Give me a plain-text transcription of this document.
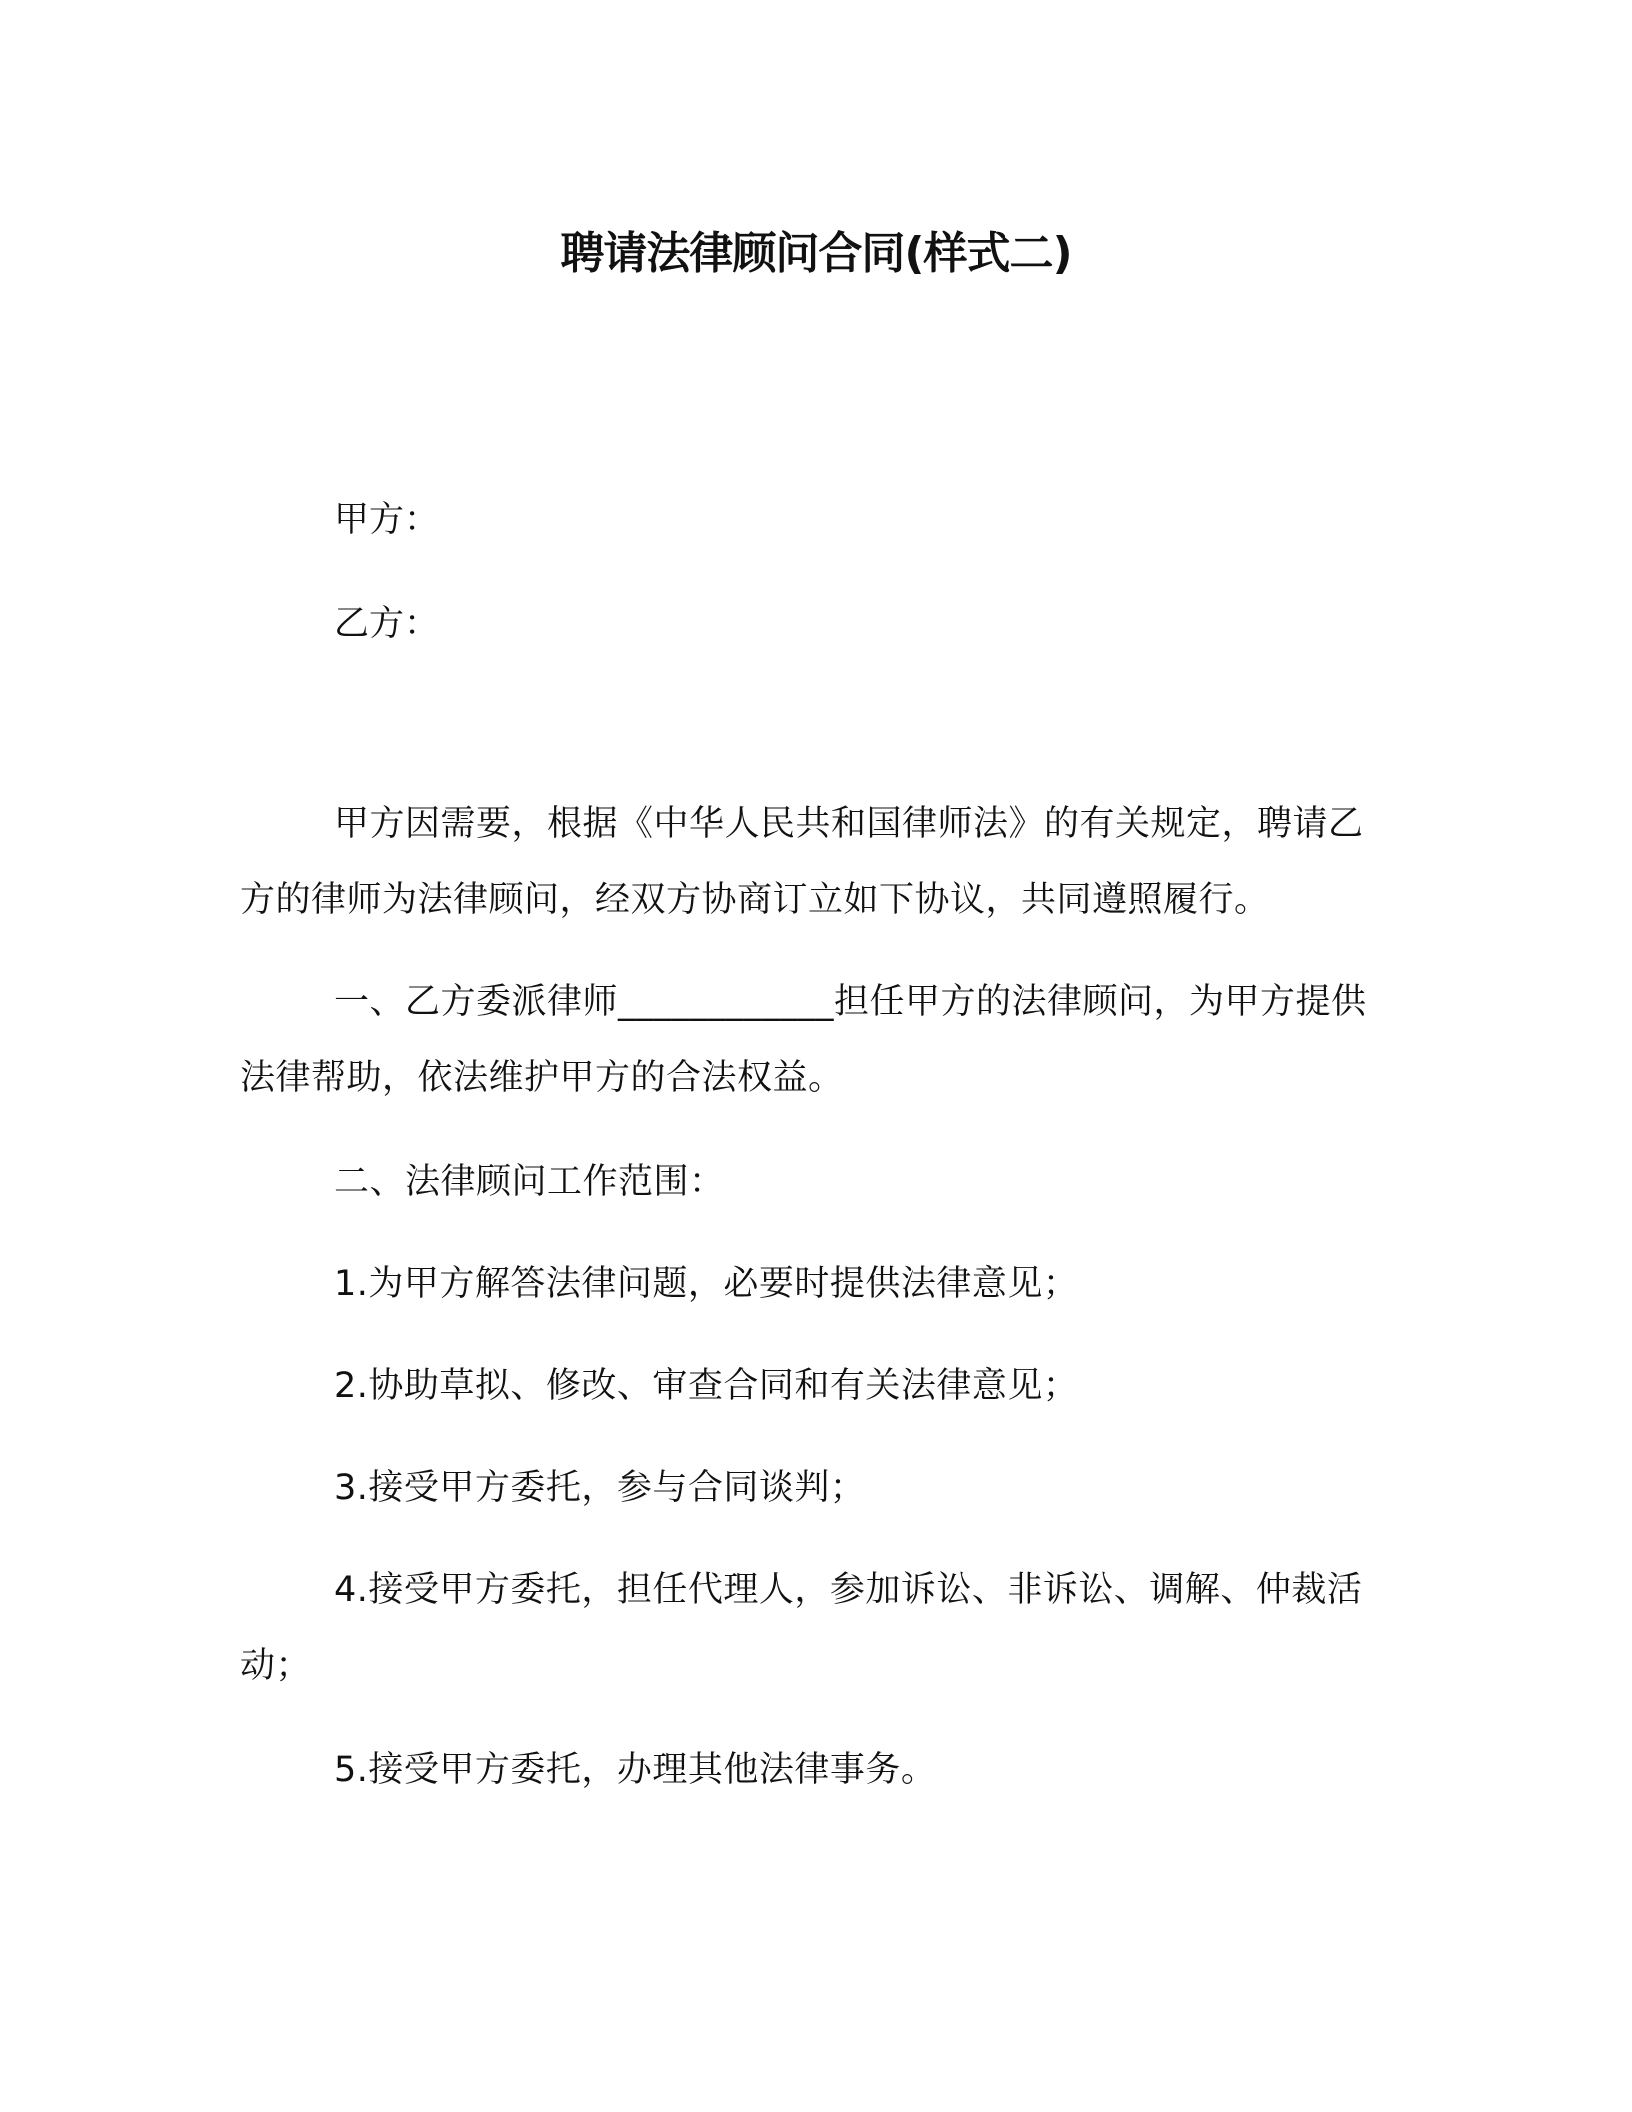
聘请法律顾问合同(样式二)
甲方：
乙方：
甲方因需要，根据《中华人民共和国律师法》的有关规定，聘请乙方的律师为法律顾问，经双方协商订立如下协议，共同遵照履行。
一、乙方委派律师____________担任甲方的法律顾问，为甲方提供法律帮助，依法维护甲方的合法权益。
二、法律顾问工作范围：
1.为甲方解答法律问题，必要时提供法律意见；
2.协助草拟、修改、审查合同和有关法律意见；
3.接受甲方委托，参与合同谈判；
4.接受甲方委托，担任代理人，参加诉讼、非诉讼、调解、仲裁活动；
5.接受甲方委托，办理其他法律事务。
